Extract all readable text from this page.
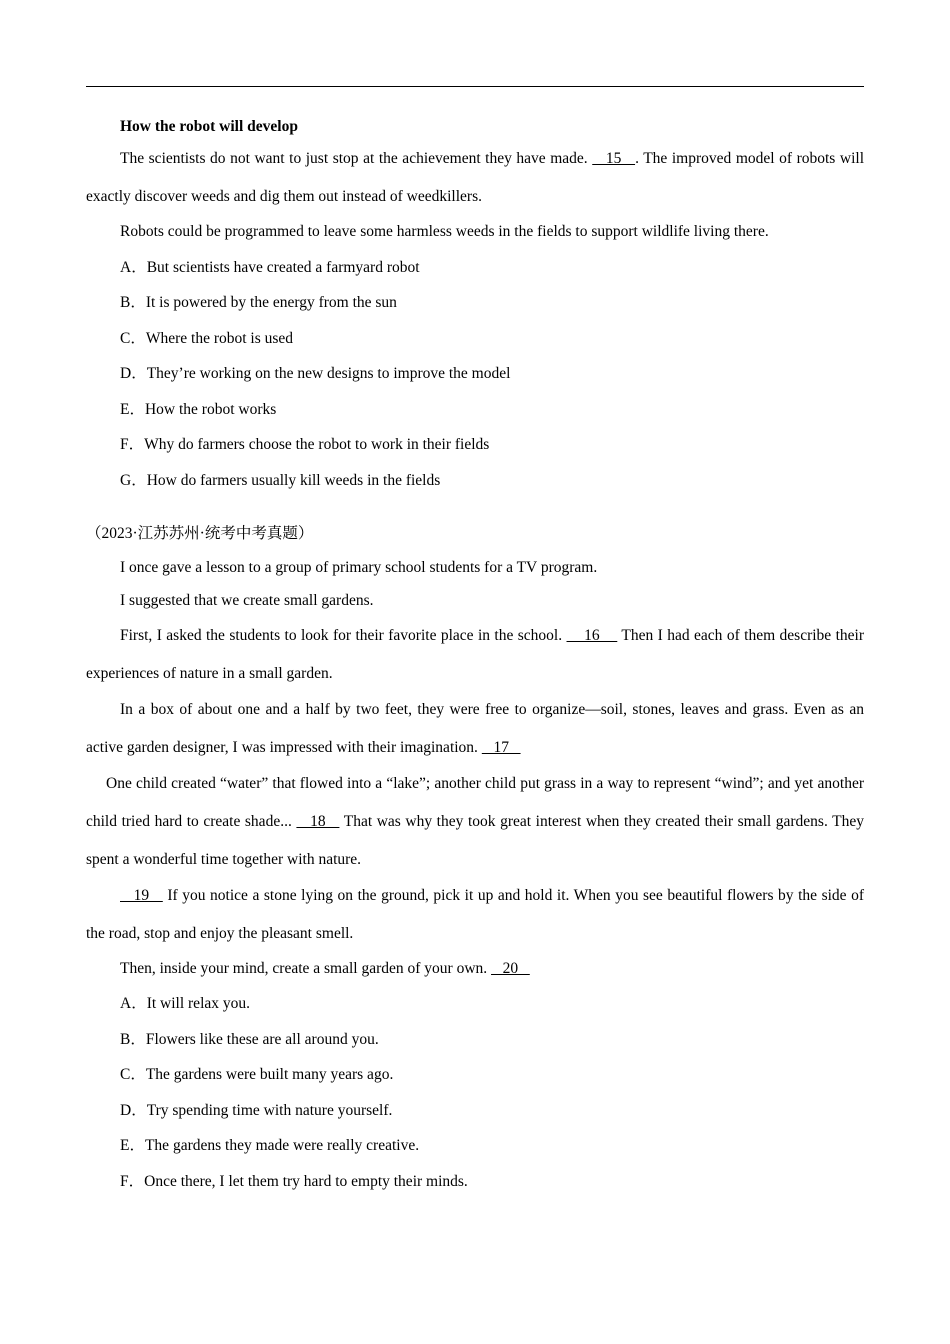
How the robot will develop

The scientists do not want to just stop at the achievement they have made.    15   . The improved model of robots will exactly discover weeds and dig them out instead of weedkillers.

Robots could be programmed to leave some harmless weeds in the fields to support wildlife living there.

A．But scientists have created a farmyard robot

B．It is powered by the energy from the sun

C．Where the robot is used

D．They’re working on the new designs to improve the model

E．How the robot works

F．Why do farmers choose the robot to work in their fields

G．How do farmers usually kill weeds in the fields

（2023·江苏苏州·统考中考真题）

I once gave a lesson to a group of primary school students for a TV program.

I suggested that we create small gardens.

First, I asked the students to look for their favorite place in the school.     16     Then I had each of them describe their experiences of nature in a small garden.

In a box of about one and a half by two feet, they were free to organize—soil, stones, leaves and grass. Even as an active garden designer, I was impressed with their imagination.    17

One child created “water” that flowed into a “lake”; another child put grass in a way to represent “wind”; and yet another child tried hard to create shade...    18    That was why they took great interest when they created their small gardens. They spent a wonderful time together with nature.

19    If you notice a stone lying on the ground, pick it up and hold it. When you see beautiful flowers by the side of the road, stop and enjoy the pleasant smell.

Then, inside your mind, create a small garden of your own.    20

A．It will relax you.

B．Flowers like these are all around you.

C．The gardens were built many years ago.

D．Try spending time with nature yourself.

E．The gardens they made were really creative.

F．Once there, I let them try hard to empty their minds.
